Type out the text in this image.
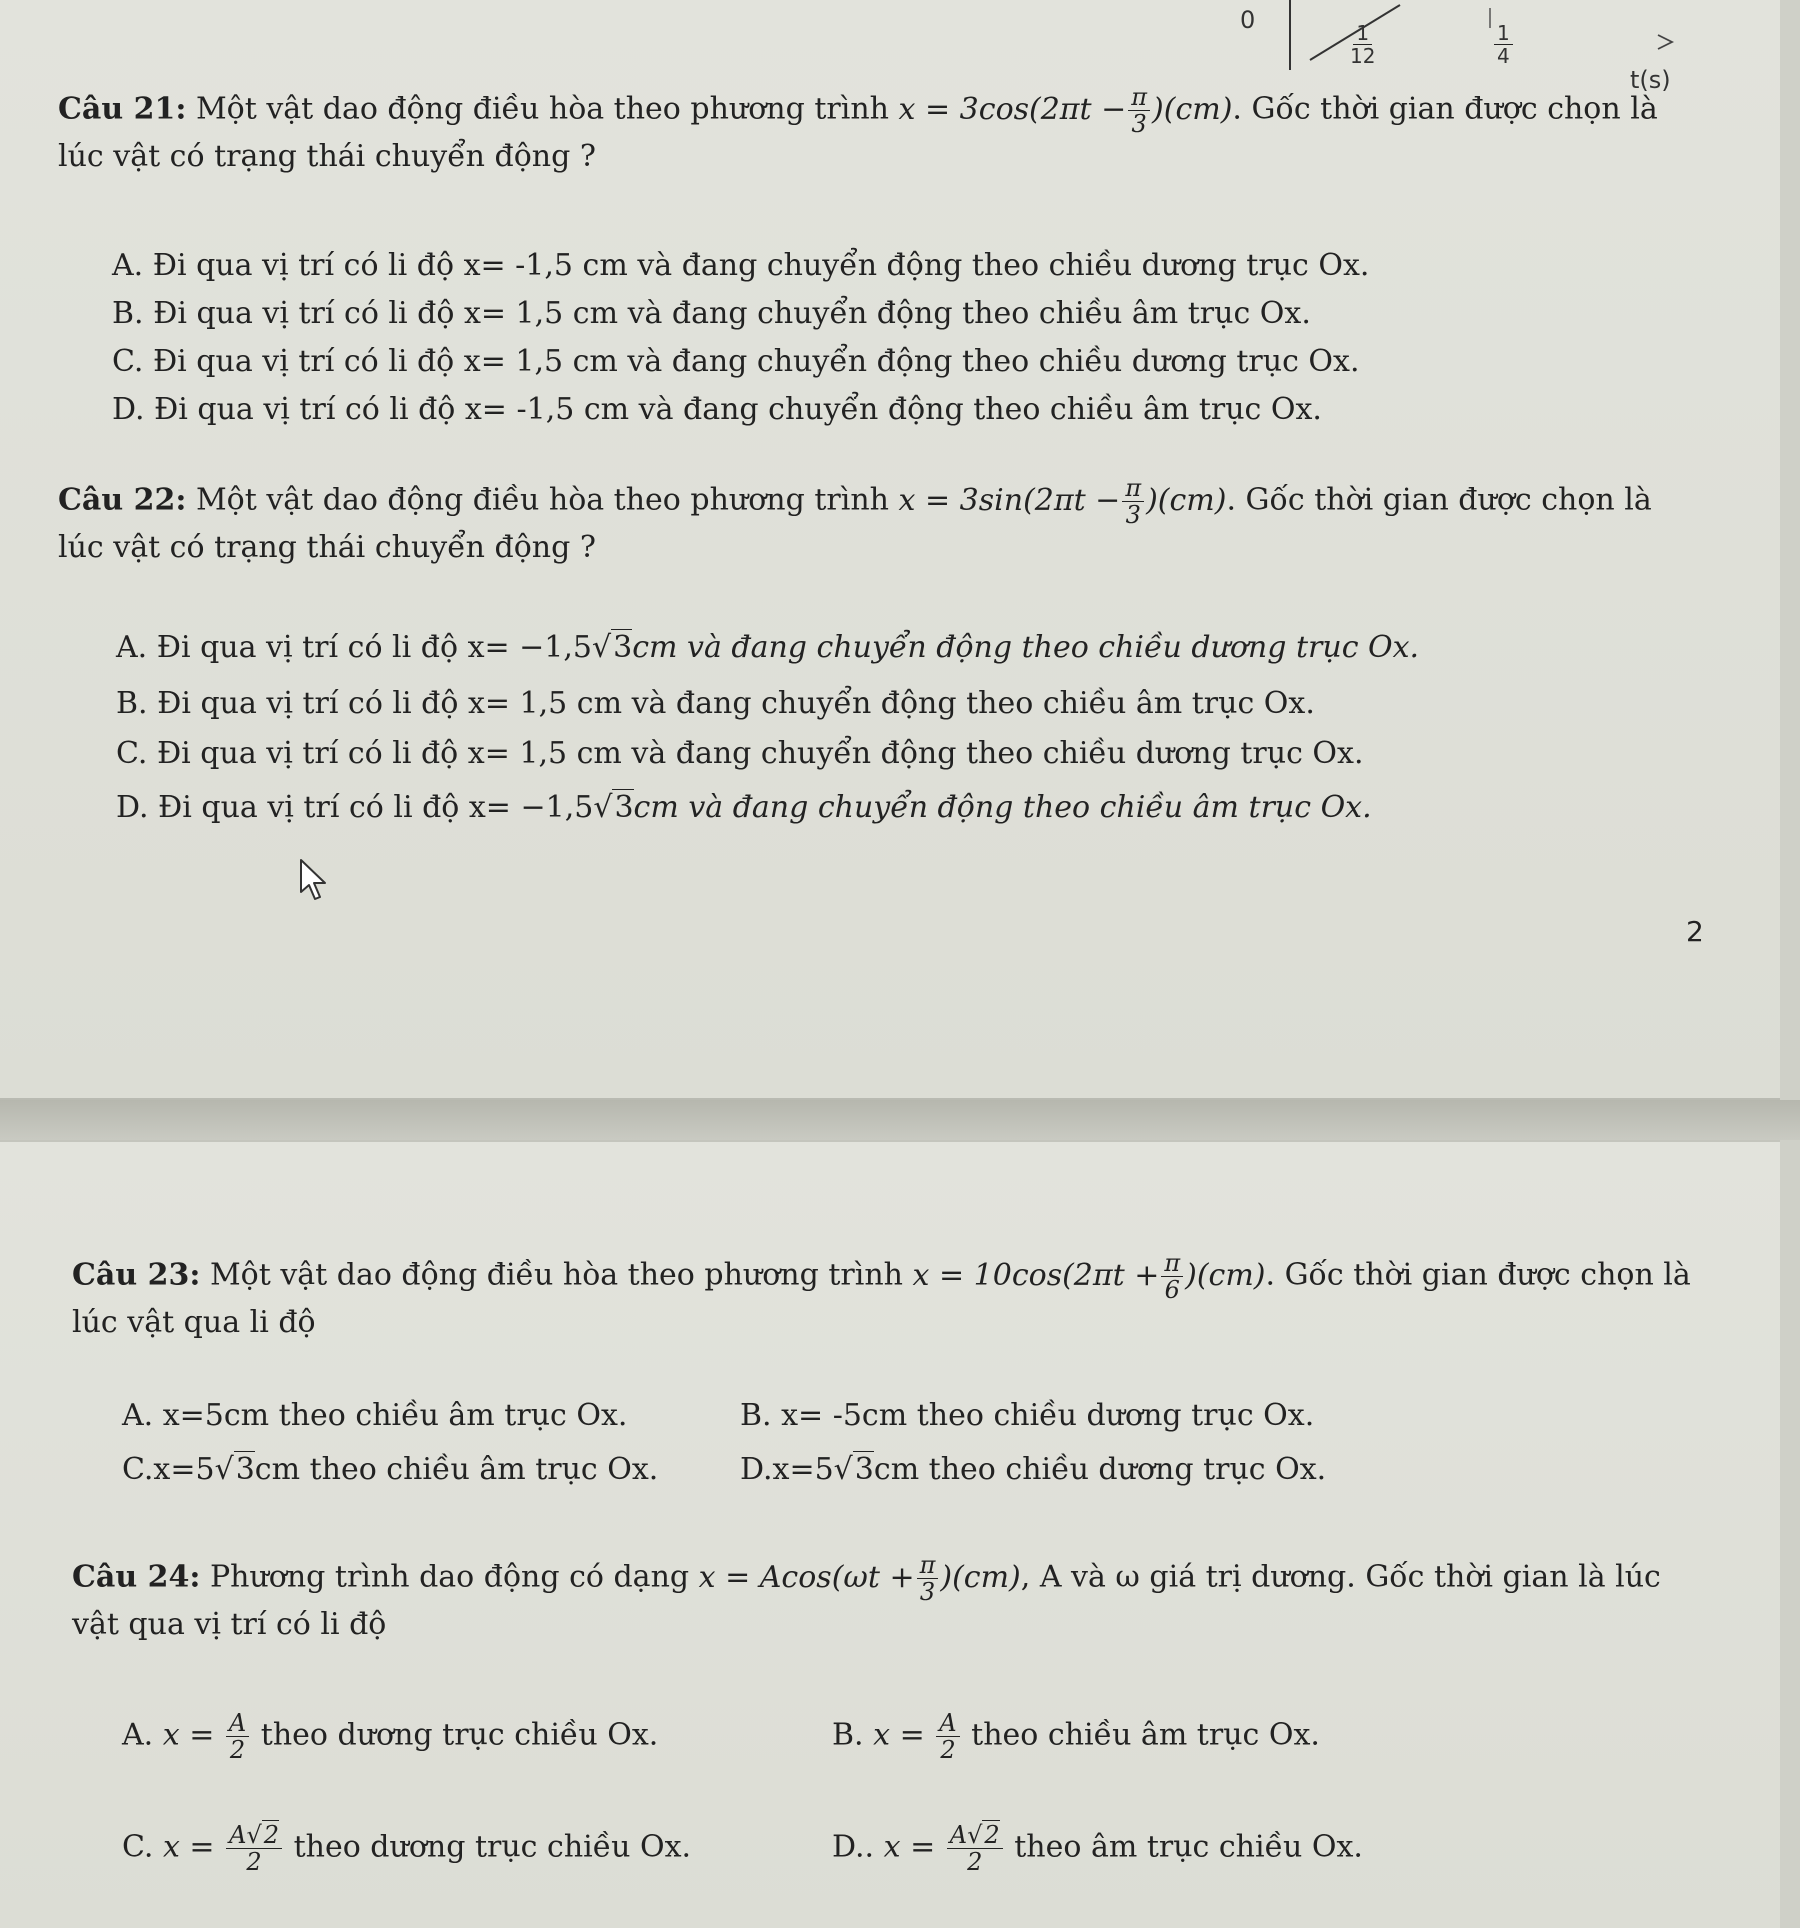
0
$\frac{1}{12}$	$\frac{1}{4}$
t(s)
Câu 21: Một vật dao động điều hòa theo phương trình $x = 3\cos(2\pi t - \frac{\pi}{3} )(cm)$. Gốc thời gian được chọn là lúc vật có trạng thái chuyển động ?
A. Đi qua vị trí có li độ x= -1,5 cm và đang chuyển động theo chiều dương trục Ox.
B. Đi qua vị trí có li độ x= 1,5 cm và đang chuyển động theo chiều âm trục Ox.
C. Đi qua vị trí có li độ x= 1,5 cm và đang chuyển động theo chiều dương trục Ox.
D. Đi qua vị trí có li độ x= -1,5 cm và đang chuyển động theo chiều âm trục Ox.
Câu 22: Một vật dao động điều hòa theo phương trình $x = 3\sin(2\pi t - \frac{\pi}{3} )(cm)$. Gốc thời gian được chọn là lúc vật có trạng thái chuyển động ?
A. Đi qua vị trí có li độ x= −1,5√3cm và đang chuyển động theo chiều dương trục Ox.
B. Đi qua vị trí có li độ x= 1,5 cm và đang chuyển động theo chiều âm trục Ox.
C. Đi qua vị trí có li độ x= 1,5 cm và đang chuyển động theo chiều dương trục Ox.
D. Đi qua vị trí có li độ x= −1,5√3cm và đang chuyển động theo chiều âm trục Ox.
2
Câu 23: Một vật dao động điều hòa theo phương trình $x = 10\cos(2\pi t + \frac{\pi}{6} )(cm)$. Gốc thời gian được chọn là lúc vật qua li độ
A. x=5cm theo chiều âm trục Ox.	B. x= -5cm theo chiều dương trục Ox.
C.x=5√3cm theo chiều âm trục Ox.	D.x=5√3cm theo chiều dương trục Ox.
Câu 24: Phương trình dao động có dạng $x = Acos(\omega t + \frac{\pi}{3} )(cm)$, A và ω giá trị dương. Gốc thời gian là lúc vật qua vị trí có li độ
A. $x = \frac{A}{2}$ theo dương trục chiều Ox.	B. $x = \frac{A}{2}$ theo chiều âm trục Ox.
C. $x = \frac{A√2}{2}$ theo dương trục chiều Ox.	D.. $x = \frac{A√2}{2}$ theo âm trục chiều Ox.
